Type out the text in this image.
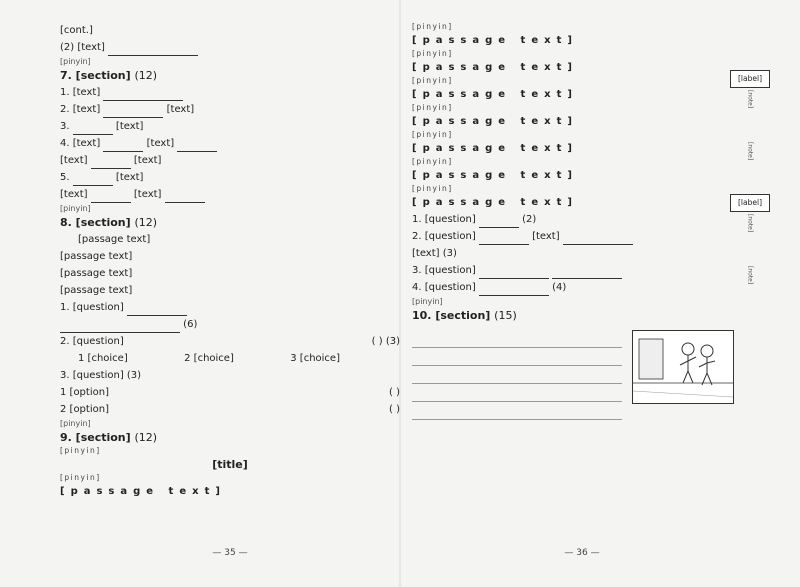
[cont.]
(2) [text]
[pinyin]
7. [section] (12)
1. [text]
2. [text]	[text]
3.	[text]
4. [text]	[text]
[text]	[text]
5.	[text]
[text]	[text]
[pinyin]
8. [section] (12)
[passage text]
[passage text]
[passage text]
[passage text]
1. [question]
(6)
2. [question]	( ) (3)
1 [choice]	2 [choice]	3 [choice]
3. [question] (3)
1 [option]	( )
2 [option]	( )
[pinyin]
9. [section] (12)
[pinyin]
[title]
[pinyin]
[passage text]
— 35 —
[pinyin]
[passage text]
[pinyin]
[passage text]
[pinyin]
[passage text]
[pinyin]
[passage text]
[pinyin]
[passage text]
[pinyin]
[passage text]
[pinyin]
[passage text]
1. [question]	(2)
2. [question]	[text]
[text] (3)
3. [question]
4. [question]	(4)
[pinyin]
10. [section] (15)
— 36 —
[label]
[note]
[note]
[label]
[note]
[note]
